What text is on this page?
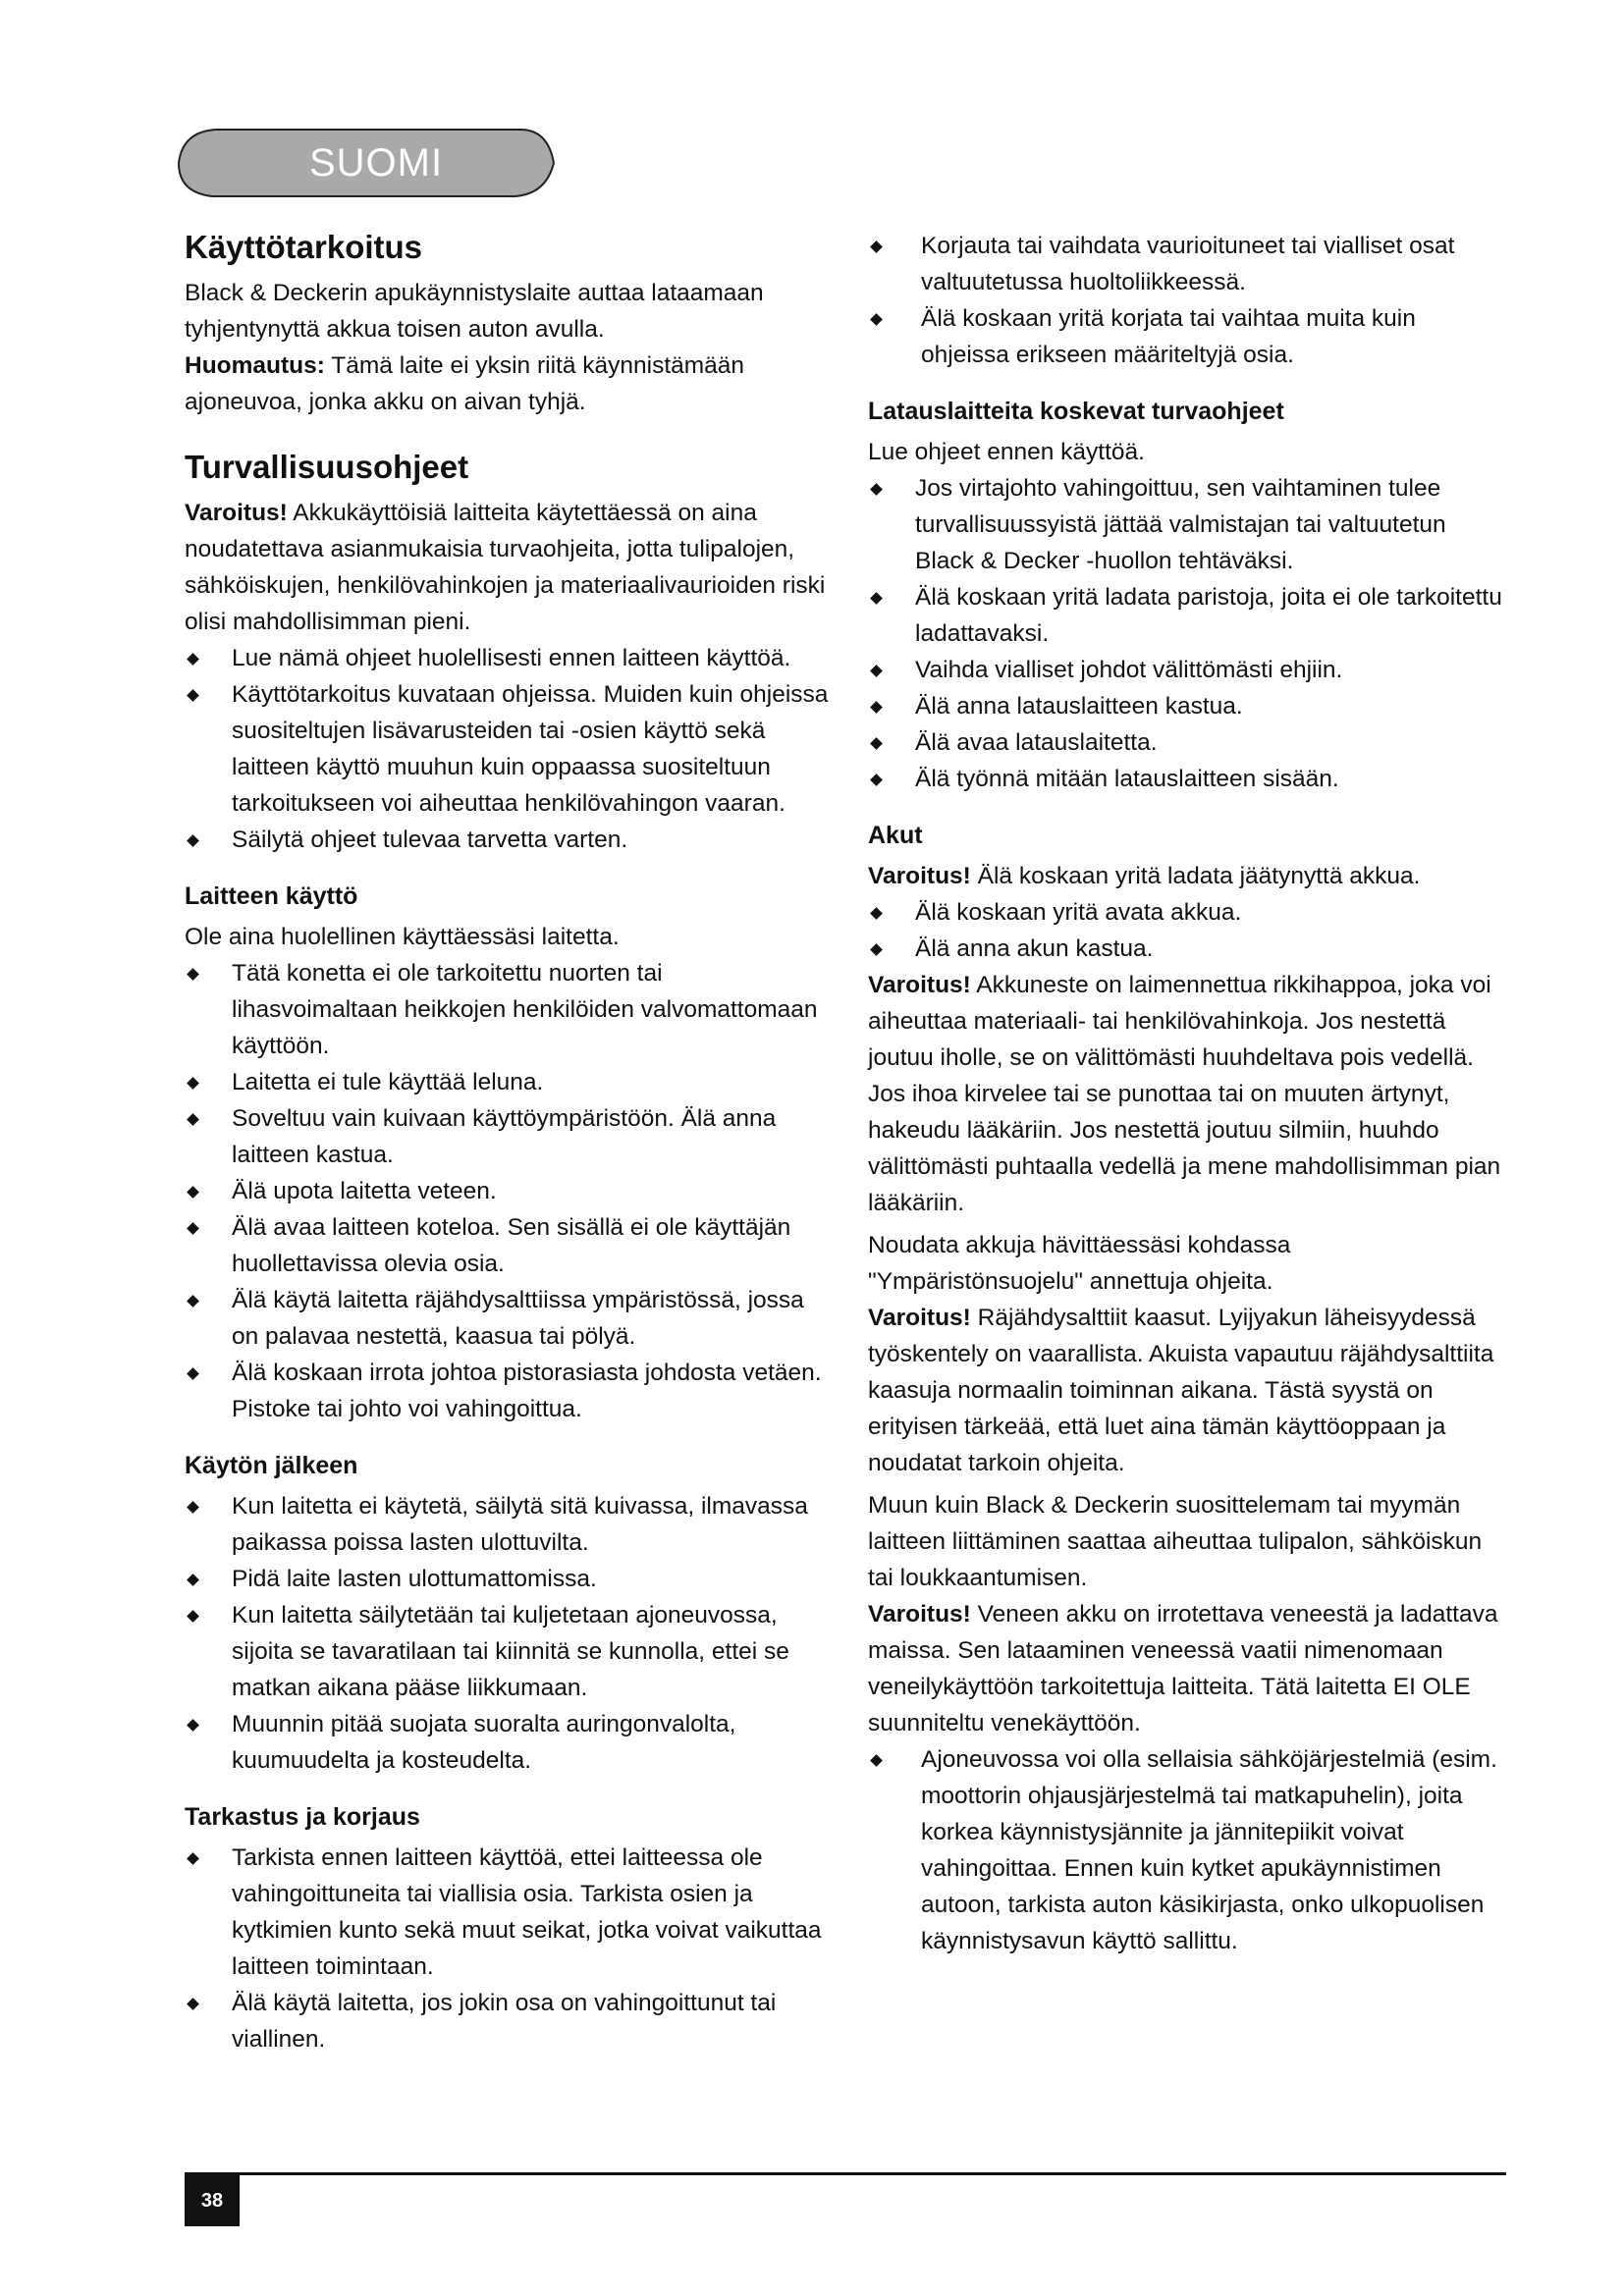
SUOMI
Käyttötarkoitus

Black & Deckerin apukäynnistyslaite auttaa lataamaan tyhjentynyttä akkua toisen auton avulla.

Huomautus: Tämä laite ei yksin riitä käynnistämään ajoneuvoa, jonka akku on aivan tyhjä.

Turvallisuusohjeet

Varoitus! Akkukäyttöisiä laitteita käytettäessä on aina noudatettava asianmukaisia turvaohjeita, jotta tulipalojen, sähköiskujen, henkilövahinkojen ja materiaalivaurioiden riski olisi mahdollisimman pieni.

Lue nämä ohjeet huolellisesti ennen laitteen käyttöä.
Käyttötarkoitus kuvataan ohjeissa. Muiden kuin ohjeissa suositeltujen lisävarusteiden tai -osien käyttö sekä laitteen käyttö muuhun kuin oppaassa suositeltuun tarkoitukseen voi aiheuttaa henkilövahingon vaaran.
Säilytä ohjeet tulevaa tarvetta varten.
Laitteen käyttö

Ole aina huolellinen käyttäessäsi laitetta.

Tätä konetta ei ole tarkoitettu nuorten tai lihasvoimaltaan heikkojen henkilöiden valvomattomaan käyttöön.
Laitetta ei tule käyttää leluna.
Soveltuu vain kuivaan käyttöympäristöön. Älä anna laitteen kastua.
Älä upota laitetta veteen.
Älä avaa laitteen koteloa. Sen sisällä ei ole käyttäjän huollettavissa olevia osia.
Älä käytä laitetta räjähdysalttiissa ympäristössä, jossa on palavaa nestettä, kaasua tai pölyä.
Älä koskaan irrota johtoa pistorasiasta johdosta vetäen. Pistoke tai johto voi vahingoittua.
Käytön jälkeen
Kun laitetta ei käytetä, säilytä sitä kuivassa, ilmavassa paikassa poissa lasten ulottuvilta.
Pidä laite lasten ulottumattomissa.
Kun laitetta säilytetään tai kuljetetaan ajoneuvossa, sijoita se tavaratilaan tai kiinnitä se kunnolla, ettei se matkan aikana pääse liikkumaan.
Muunnin pitää suojata suoralta auringonvalolta, kuumuudelta ja kosteudelta.
Tarkastus ja korjaus
Tarkista ennen laitteen käyttöä, ettei laitteessa ole vahingoittuneita tai viallisia osia. Tarkista osien ja kytkimien kunto sekä muut seikat, jotka voivat vaikuttaa laitteen toimintaan.
Älä käytä laitetta, jos jokin osa on vahingoittunut tai viallinen.
Korjauta tai vaihdata vaurioituneet tai vialliset osat valtuutetussa huoltoliikkeessä.
Älä koskaan yritä korjata tai vaihtaa muita kuin ohjeissa erikseen määriteltyjä osia.
Latauslaitteita koskevat turvaohjeet

Lue ohjeet ennen käyttöä.

Jos virtajohto vahingoittuu, sen vaihtaminen tulee turvallisuussyistä jättää valmistajan tai valtuutetun Black & Decker -huollon tehtäväksi.
Älä koskaan yritä ladata paristoja, joita ei ole tarkoitettu ladattavaksi.
Vaihda vialliset johdot välittömästi ehjiin.
Älä anna latauslaitteen kastua.
Älä avaa latauslaitetta.
Älä työnnä mitään latauslaitteen sisään.
Akut

Varoitus! Älä koskaan yritä ladata jäätynyttä akkua.

Älä koskaan yritä avata akkua.
Älä anna akun kastua.

Varoitus! Akkuneste on laimennettua rikkihappoa, joka voi aiheuttaa materiaali- tai henkilövahinkoja. Jos nestettä joutuu iholle, se on välittömästi huuhdeltava pois vedellä. Jos ihoa kirvelee tai se punottaa tai on muuten ärtynyt, hakeudu lääkäriin. Jos nestettä joutuu silmiin, huuhdo välittömästi puhtaalla vedellä ja mene mahdollisimman pian lääkäriin.

Noudata akkuja hävittäessäsi kohdassa "Ympäristönsuojelu" annettuja ohjeita.

Varoitus! Räjähdysalttiit kaasut. Lyijyakun läheisyydessä työskentely on vaarallista. Akuista vapautuu räjähdysalttiita kaasuja normaalin toiminnan aikana. Tästä syystä on erityisen tärkeää, että luet aina tämän käyttöoppaan ja noudatat tarkoin ohjeita.

Muun kuin Black & Deckerin suosittelemam tai myymän laitteen liittäminen saattaa aiheuttaa tulipalon, sähköiskun tai loukkaantumisen.

Varoitus! Veneen akku on irrotettava veneestä ja ladattava maissa. Sen lataaminen veneessä vaatii nimenomaan veneilykäyttöön tarkoitettuja laitteita. Tätä laitetta EI OLE suunniteltu venekäyttöön.

Ajoneuvossa voi olla sellaisia sähköjärjestelmiä (esim. moottorin ohjausjärjestelmä tai matkapuhelin), joita korkea käynnistysjännite ja jännitepiikit voivat vahingoittaa. Ennen kuin kytket apukäynnistimen autoon, tarkista auton käsikirjasta, onko ulkopuolisen käynnistysavun käyttö sallittu.
38
